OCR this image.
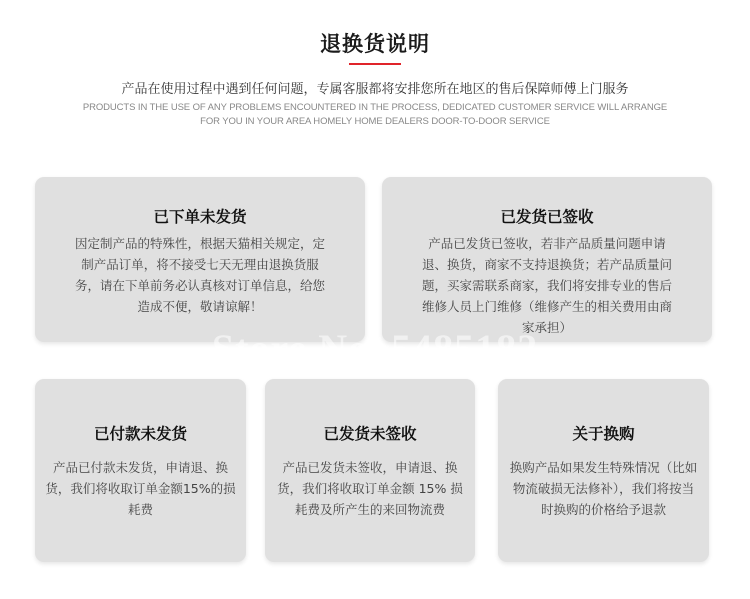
退换货说明
产品在使用过程中遇到任何问题，专属客服都将安排您所在地区的售后保障师傅上门服务
PRODUCTS IN THE USE OF ANY PROBLEMS ENCOUNTERED IN THE PROCESS, DEDICATED CUSTOMER SERVICE WILL ARRANGE
FOR YOU IN YOUR AREA HOMELY HOME DEALERS DOOR-TO-DOOR SERVICE
已下单未发货
因定制产品的特殊性，根据天猫相关规定，定制产品订单，将不接受七天无理由退换货服务，请在下单前务必认真核对订单信息，给您造成不便，敬请谅解！
已发货已签收
产品已发货已签收，若非产品质量问题申请退、换货，商家不支持退换货；若产品质量问题，买家需联系商家，我们将安排专业的售后维修人员上门维修（维修产生的相关费用由商家承担）
已付款未发货
产品已付款未发货，申请退、换货，我们将收取订单金额15%的损耗费
已发货未签收
产品已发货未签收，申请退、换货，我们将收取订单金额 15% 损耗费及所产生的来回物流费
关于换购
换购产品如果发生特殊情况（比如物流破损无法修补），我们将按当时换购的价格给予退款
Store No. 5485182
